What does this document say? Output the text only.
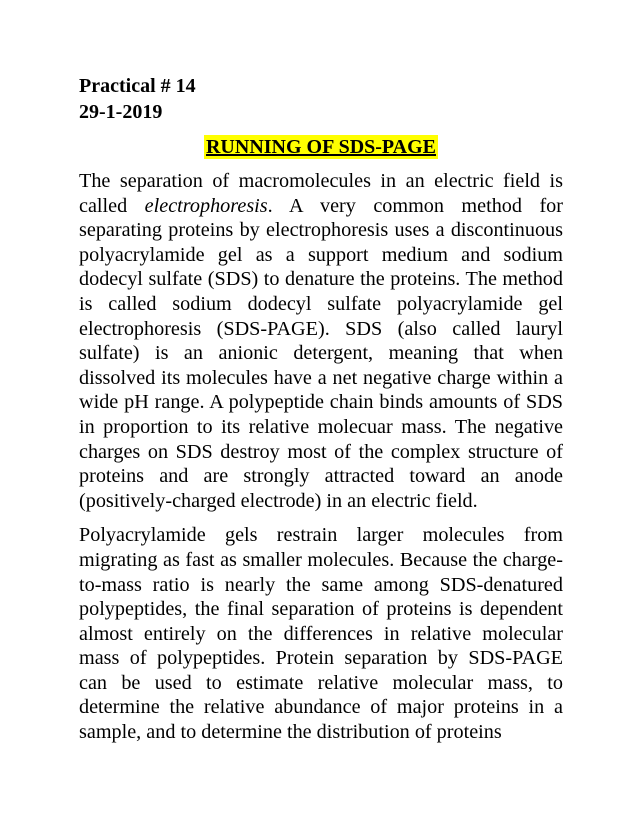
Practical # 14

29-1-2019

RUNNING OF SDS-PAGE

The separation of macromolecules in an electric field is called electrophoresis. A very common method for separating proteins by electrophoresis uses a discontinuous polyacrylamide gel as a support medium and sodium dodecyl sulfate (SDS) to denature the proteins. The method is called sodium dodecyl sulfate polyacrylamide gel electrophoresis (SDS-PAGE). SDS (also called lauryl sulfate) is an anionic detergent, meaning that when dissolved its molecules have a net negative charge within a wide pH range. A polypeptide chain binds amounts of SDS in proportion to its relative molecuar mass. The negative charges on SDS destroy most of the complex structure of proteins and are strongly attracted toward an anode (positively-charged electrode) in an electric field.

Polyacrylamide gels restrain larger molecules from migrating as fast as smaller molecules. Because the charge-to-mass ratio is nearly the same among SDS-denatured polypeptides, the final separation of proteins is dependent almost entirely on the differences in relative molecular mass of polypeptides. Protein separation by SDS-PAGE can be used to estimate relative molecular mass, to determine the relative abundance of major proteins in a sample, and to determine the distribution of proteins
